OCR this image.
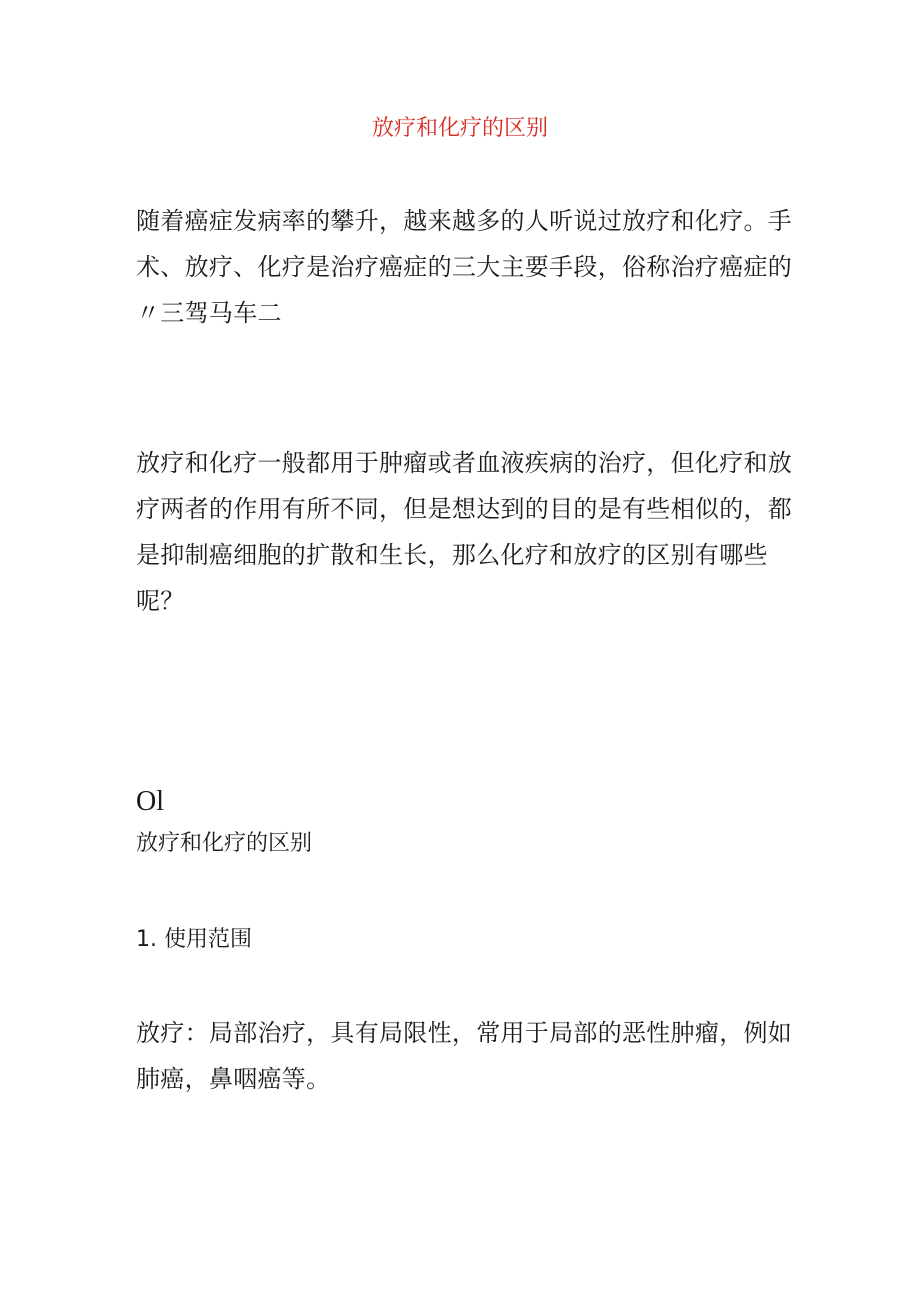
放疗和化疗的区别
随着癌症发病率的攀升，越来越多的人听说过放疗和化疗。手术、放疗、化疗是治疗癌症的三大主要手段，俗称治疗癌症的〃三驾马车二
放疗和化疗一般都用于肿瘤或者血液疾病的治疗，但化疗和放疗两者的作用有所不同，但是想达到的目的是有些相似的，都是抑制癌细胞的扩散和生长，那么化疗和放疗的区别有哪些呢？
Ol
放疗和化疗的区别
1. 使用范围
放疗：局部治疗，具有局限性，常用于局部的恶性肿瘤，例如肺癌，鼻咽癌等。
